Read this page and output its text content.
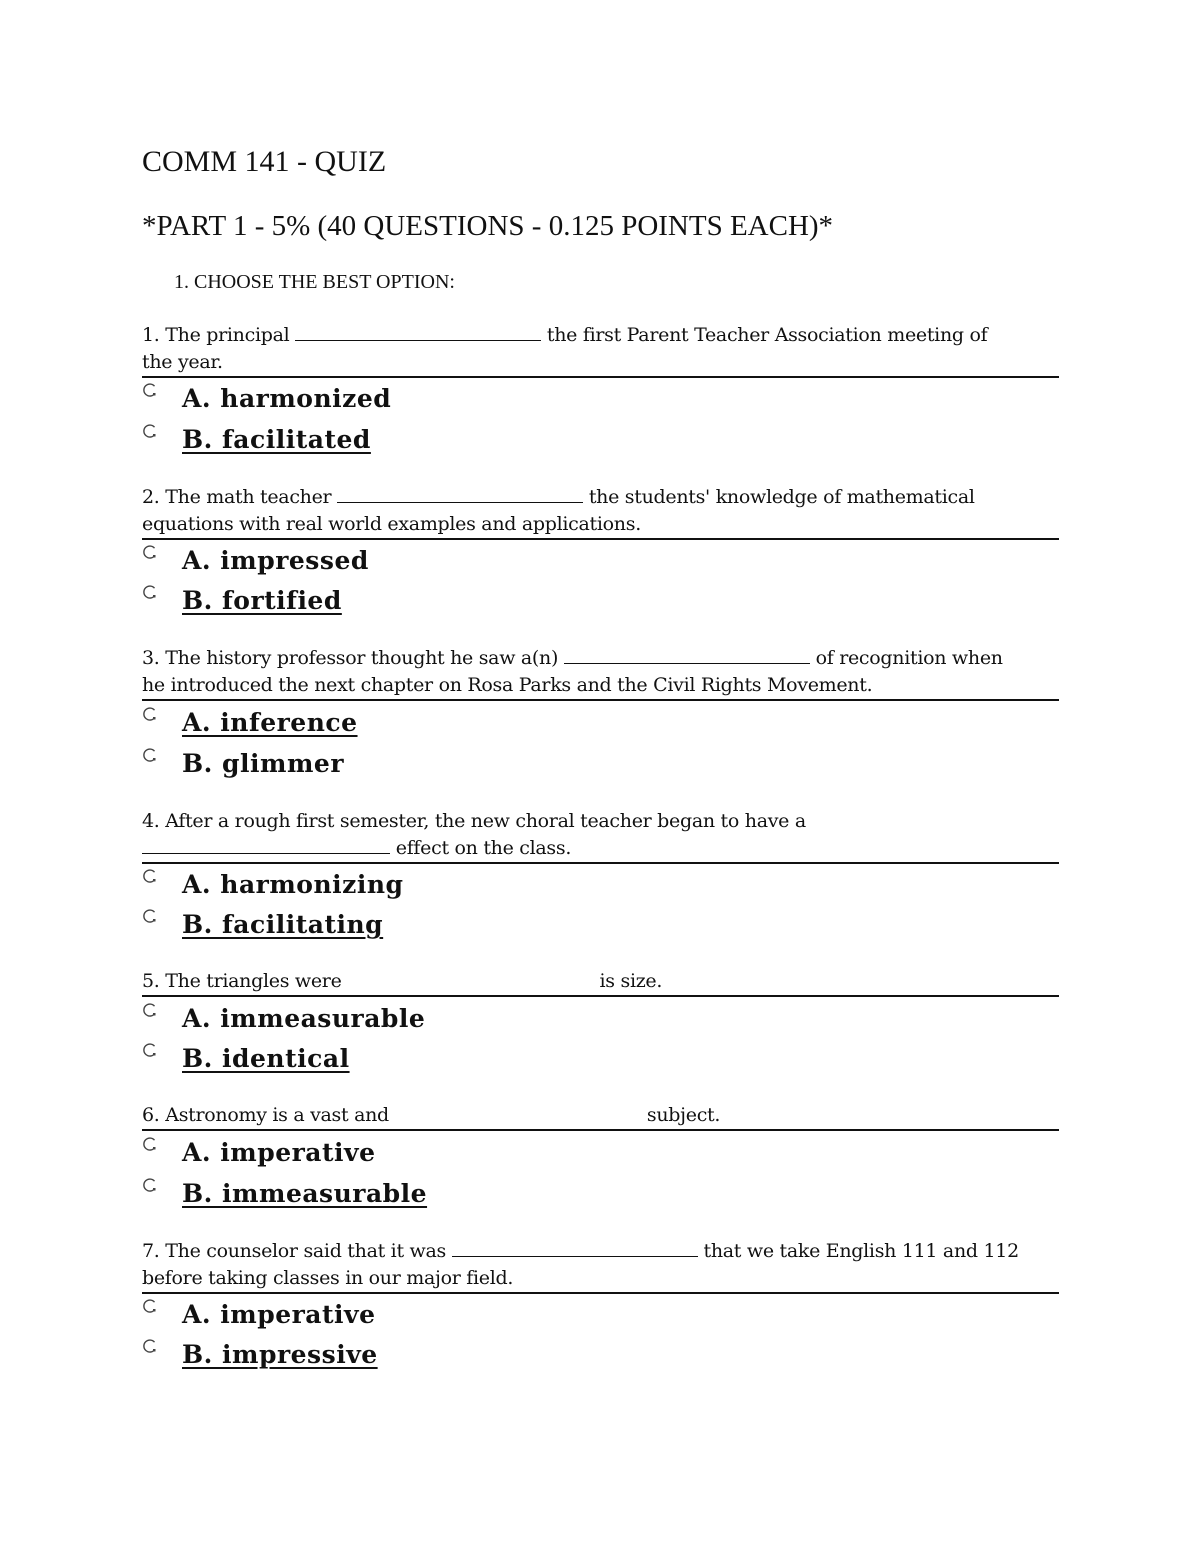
COMM 141 - QUIZ
*PART 1 - 5% (40 QUESTIONS - 0.125 POINTS EACH)*
1. CHOOSE THE BEST OPTION:
1. The principal	the first Parent Teacher Association meeting of
the year.
A. harmonized
B. facilitated
2. The math teacher	the students' knowledge of mathematical
equations with real world examples and applications.
A. impressed
B. fortified
3. The history professor thought he saw a(n)	of recognition when
he introduced the next chapter on Rosa Parks and the Civil Rights Movement.
A. inference
B. glimmer
4. After a rough first semester, the new choral teacher began to have a
effect on the class.
A. harmonizing
B. facilitating
5. The triangles were	is size.
A. immeasurable
B. identical
6. Astronomy is a vast and	subject.
A. imperative
B. immeasurable
7. The counselor said that it was	that we take English 111 and 112
before taking classes in our major field.
A. imperative
B. impressive
